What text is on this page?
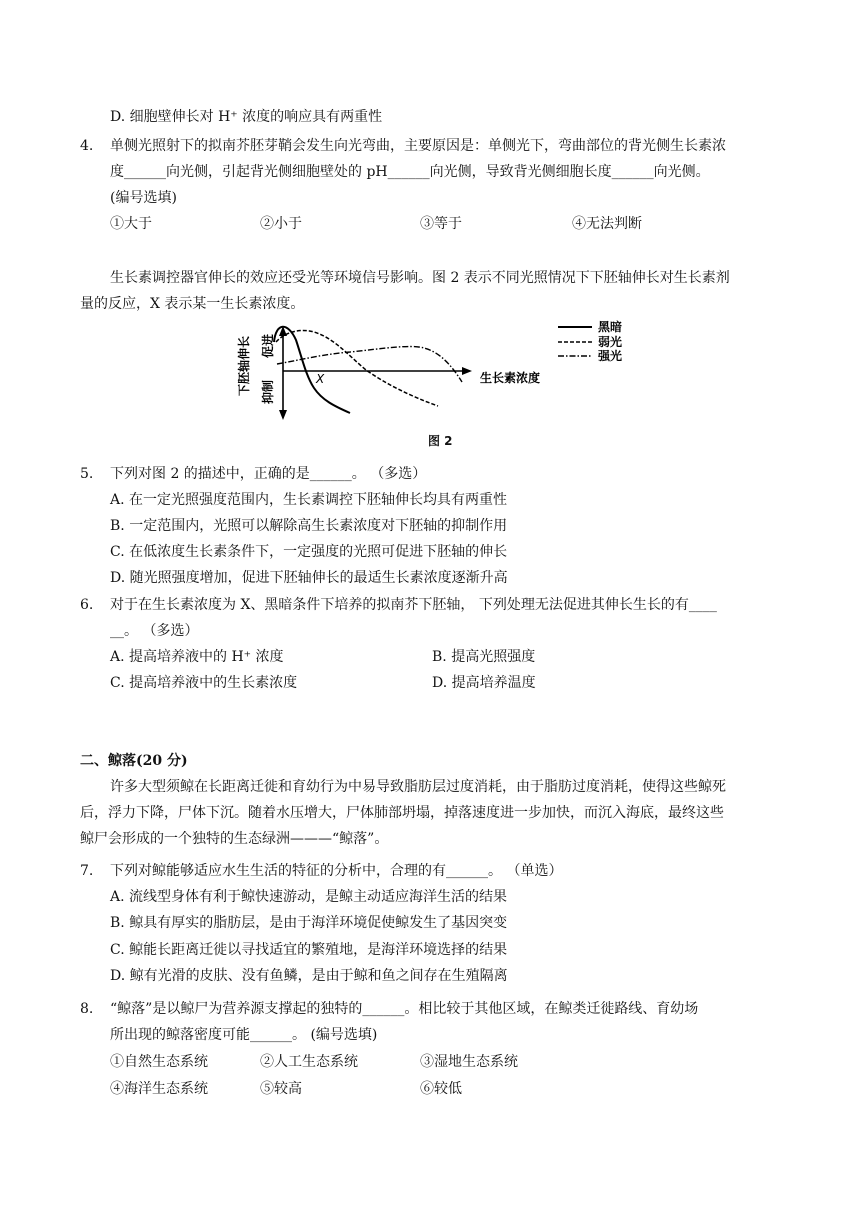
D. 细胞壁伸长对 H⁺ 浓度的响应具有两重性
4. 单侧光照射下的拟南芥胚芽鞘会发生向光弯曲，主要原因是：单侧光下，弯曲部位的背光侧生长素浓
度______向光侧，引起背光侧细胞壁处的 pH______向光侧，导致背光侧细胞长度______向光侧。
(编号选填)
①大于	②小于	③等于	④无法判断
生长素调控器官伸长的效应还受光等环境信号影响。图 2 表示不同光照情况下下胚轴伸长对生长素剂
量的反应，X 表示某一生长素浓度。
下胚轴伸长 促进
抑制
X	生长素浓度
黑暗
弱光
强光
图 2
5. 下列对图 2 的描述中，正确的是______。 （多选）
A. 在一定光照强度范围内，生长素调控下胚轴伸长均具有两重性
B. 一定范围内，光照可以解除高生长素浓度对下胚轴的抑制作用
C. 在低浓度生长素条件下，一定强度的光照可促进下胚轴的伸长
D. 随光照强度增加，促进下胚轴伸长的最适生长素浓度逐渐升高
6. 对于在生长素浓度为 X、黑暗条件下培养的拟南芥下胚轴， 下列处理无法促进其伸长生长的有____
__。 （多选）
A. 提高培养液中的 H⁺ 浓度	B. 提高光照强度
C. 提高培养液中的生长素浓度	D. 提高培养温度
二、鲸落(20 分)
许多大型须鲸在长距离迁徙和育幼行为中易导致脂肪层过度消耗，由于脂肪过度消耗，使得这些鲸死
后，浮力下降，尸体下沉。随着水压增大，尸体肺部坍塌，掉落速度进一步加快，而沉入海底，最终这些
鲸尸会形成的一个独特的生态绿洲———“鲸落”。
7. 下列对鲸能够适应水生生活的特征的分析中，合理的有______。 （单选）
A. 流线型身体有利于鲸快速游动，是鲸主动适应海洋生活的结果
B. 鲸具有厚实的脂肪层，是由于海洋环境促使鲸发生了基因突变
C. 鲸能长距离迁徙以寻找适宜的繁殖地，是海洋环境选择的结果
D. 鲸有光滑的皮肤、没有鱼鳞，是由于鲸和鱼之间存在生殖隔离
8. “鲸落”是以鲸尸为营养源支撑起的独特的______。相比较于其他区域，在鲸类迁徙路线、育幼场
所出现的鲸落密度可能______。 (编号选填)
①自然生态系统	②人工生态系统	③湿地生态系统
④海洋生态系统	⑤较高	⑥较低
